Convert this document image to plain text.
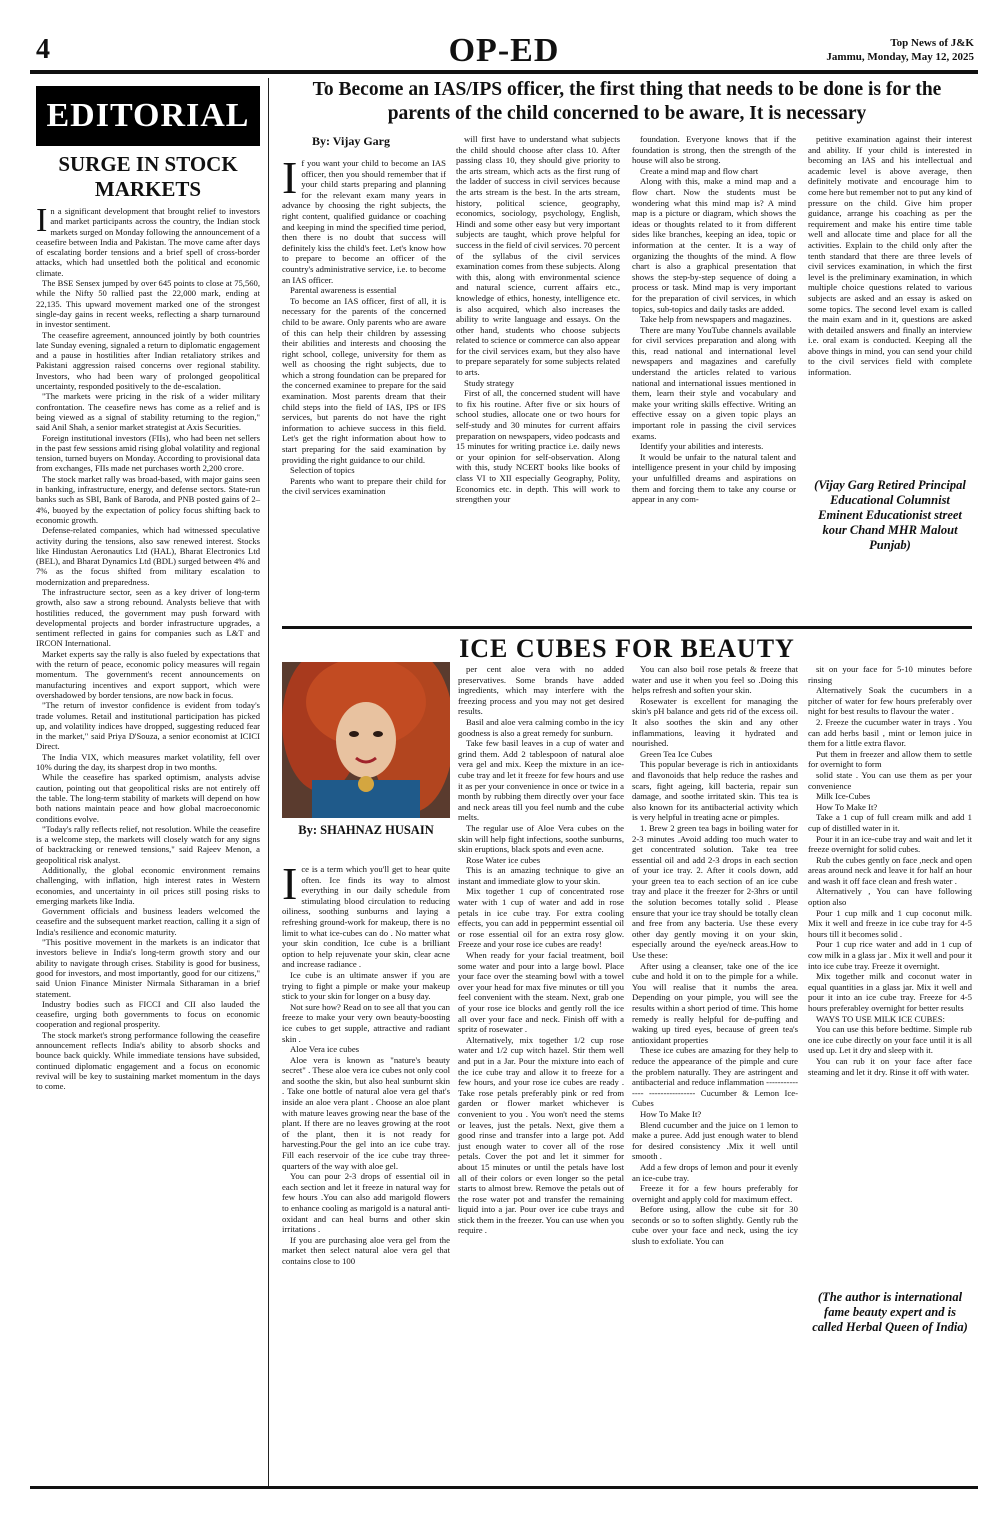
4	OP-ED	Top News of J&K
Jammu, Monday, May 12, 2025
EDITORIAL
SURGE IN STOCK MARKETS
I n a significant development that brought relief to investors and market participants across the country, the Indian stock markets surged on Monday following the announcement of a ceasefire between India and Pakistan. The move came after days of escalating border tensions and a brief spell of cross-border attacks, which had unsettled both the political and economic climate.

The BSE Sensex jumped by over 645 points to close at 75,560, while the Nifty 50 rallied past the 22,000 mark, ending at 22,135. This upward movement marked one of the strongest single-day gains in recent weeks, reflecting a sharp turnaround in investor sentiment.

The ceasefire agreement, announced jointly by both countries late Sunday evening, signaled a return to diplomatic engagement and a pause in hostilities after Indian retaliatory strikes and Pakistani aggression raised concerns over regional stability. Investors, who had been wary of prolonged geopolitical uncertainty, responded positively to the de-escalation.

"The markets were pricing in the risk of a wider military confrontation. The ceasefire news has come as a relief and is being viewed as a signal of stability returning to the region," said Anil Shah, a senior market strategist at Axis Securities.

Foreign institutional investors (FIIs), who had been net sellers in the past few sessions amid rising global volatility and regional tension, turned buyers on Monday. According to provisional data from exchanges, FIIs made net purchases worth 2,200 crore.

The stock market rally was broad-based, with major gains seen in banking, infrastructure, energy, and defense sectors. State-run banks such as SBI, Bank of Baroda, and PNB posted gains of 2–4%, buoyed by the expectation of policy focus shifting back to economic growth.

Defense-related companies, which had witnessed speculative activity during the tensions, also saw renewed interest. Stocks like Hindustan Aeronautics Ltd (HAL), Bharat Electronics Ltd (BEL), and Bharat Dynamics Ltd (BDL) surged between 4% and 7% as the focus shifted from military escalation to modernization and preparedness.

The infrastructure sector, seen as a key driver of long-term growth, also saw a strong rebound. Analysts believe that with hostilities reduced, the government may push forward with developmental projects and border infrastructure upgrades, a sentiment reflected in gains for companies such as L&T and IRCON International.

Market experts say the rally is also fueled by expectations that with the return of peace, economic policy measures will regain momentum. The government's recent announcements on manufacturing incentives and export support, which were overshadowed by border tensions, are now back in focus.

"The return of investor confidence is evident from today's trade volumes. Retail and institutional participation has picked up, and volatility indices have dropped, suggesting reduced fear in the market," said Priya D'Souza, a senior economist at ICICI Direct.

The India VIX, which measures market volatility, fell over 10% during the day, its sharpest drop in two months.

While the ceasefire has sparked optimism, analysts advise caution, pointing out that geopolitical risks are not entirely off the table. The long-term stability of markets will depend on how both nations maintain peace and how global macroeconomic conditions evolve.

"Today's rally reflects relief, not resolution. While the ceasefire is a welcome step, the markets will closely watch for any signs of backtracking or renewed tensions," said Rajeev Menon, a geopolitical risk analyst.

Additionally, the global economic environment remains challenging, with inflation, high interest rates in Western economies, and uncertainty in oil prices still posing risks to emerging markets like India.

Government officials and business leaders welcomed the ceasefire and the subsequent market reaction, calling it a sign of India's resilience and economic maturity.

"This positive movement in the markets is an indicator that investors believe in India's long-term growth story and our ability to navigate through crises. Stability is good for business, good for investors, and most importantly, good for our citizens," said Union Finance Minister Nirmala Sitharaman in a brief statement.

Industry bodies such as FICCI and CII also lauded the ceasefire, urging both governments to focus on economic cooperation and regional prosperity.

The stock market's strong performance following the ceasefire announcement reflects India's ability to absorb shocks and bounce back quickly. While immediate tensions have subsided, continued diplomatic engagement and a focus on economic revival will be key to sustaining market momentum in the days to come.

To Become an IAS/IPS officer, the first thing that needs to be done is for the parents of the child concerned to be aware, It is necessary
By: Vijay Garg
I f you want your child to become an IAS officer, then you should remember that if your child starts preparing and planning for the relevant exam many years in advance by choosing the right subjects, the right content, qualified guidance or coaching and keeping in mind the specified time period, then there is no doubt that success will definitely kiss the child's feet. Let's know how to prepare to become an officer of the country's administrative service, i.e. to become an IAS officer.

Parental awareness is essential

To become an IAS officer, first of all, it is necessary for the parents of the concerned child to be aware. Only parents who are aware of this can help their children by assessing their abilities and interests and choosing the right school, college, university for them as well as choosing the right subjects, due to which a strong foundation can be prepared for the concerned examinee to prepare for the said examination. Most parents dream that their child steps into the field of IAS, IPS or IFS services, but parents do not have the right information to achieve success in this field. Let's get the right information about how to start preparing for the said examination by providing the right guidance to our child.

Selection of topics

Parents who want to prepare their child for the civil services examination

will first have to understand what subjects the child should choose after class 10. After passing class 10, they should give priority to the arts stream, which acts as the first rung of the ladder of success in civil services because the arts stream is the best. In the arts stream, history, political science, geography, economics, sociology, psychology, English, Hindi and some other easy but very important subjects are taught, which prove helpful for success in the field of civil services. 70 percent of the syllabus of the civil services examination comes from these subjects. Along with this, along with environmental science and natural science, current affairs etc., knowledge of ethics, honesty, intelligence etc. is also acquired, which also increases the ability to write language and essays. On the other hand, students who choose subjects related to science or commerce can also appear for the civil services exam, but they also have to prepare separately for some subjects related to arts.

Study strategy

First of all, the concerned student will have to fix his routine. After five or six hours of school studies, allocate one or two hours for self-study and 30 minutes for current affairs preparation on newspapers, video podcasts and 15 minutes for writing practice i.e. daily news or your opinion for self-observation. Along with this, study NCERT books like books of class VI to XII especially Geography, Polity, Economics etc. in depth. This will work to strengthen your

foundation. Everyone knows that if the foundation is strong, then the strength of the house will also be strong.

Create a mind map and flow chart

Along with this, make a mind map and a flow chart. Now the students must be wondering what this mind map is? A mind map is a picture or diagram, which shows the ideas or thoughts related to it from different sides like branches, keeping an idea, topic or information at the center. It is a way of organizing the thoughts of the mind. A flow chart is also a graphical presentation that shows the step-by-step sequence of doing a process or task. Mind map is very important for the preparation of civil services, in which topics, sub-topics and daily tasks are added.

Take help from newspapers and magazines.

There are many YouTube channels available for civil services preparation and along with this, read national and international level newspapers and magazines and carefully understand the articles related to various national and international issues mentioned in them, learn their style and vocabulary and make your writing skills effective. Writing an effective essay on a given topic plays an important role in passing the civil services exams.

Identify your abilities and interests.

It would be unfair to the natural talent and intelligence present in your child by imposing your unfulfilled dreams and aspirations on them and forcing them to take any course or appear in any com-

petitive examination against their interest and ability. If your child is interested in becoming an IAS and his intellectual and academic level is above average, then definitely motivate and encourage him to come here but remember not to put any kind of pressure on the child. Give him proper guidance, arrange his coaching as per the requirement and make his entire time table well and allocate time and place for all the activities. Explain to the child only after the tenth standard that there are three levels of civil services examination, in which the first level is the preliminary examination, in which multiple choice questions related to various subjects are asked and an essay is asked on some topics. The second level exam is called the main exam and in it, questions are asked with detailed answers and finally an interview i.e. oral exam is conducted. Keeping all the above things in mind, you can send your child to the civil services field with complete information.

(Vijay Garg Retired Principal Educational Columnist Eminent Educationist street kour Chand MHR Malout Punjab)
ICE CUBES FOR BEAUTY
By: SHAHNAZ HUSAIN
I ce is a term which you'll get to hear quite often. Ice finds its way to almost everything in our daily schedule from stimulating blood circulation to reducing oiliness, soothing sunburns and laying a refreshing ground-work for makeup, there is no limit to what ice-cubes can do . No matter what your skin condition, Ice cube is a brilliant option to help rejuvenate your skin, clear acne and increase radiance .

Ice cube is an ultimate answer if you are trying to fight a pimple or make your makeup stick to your skin for longer on a busy day.

Not sure how? Read on to see all that you can freeze to make your very own beauty-boosting ice cubes to get supple, attractive and radiant skin .

Aloe Vera ice cubes

Aloe vera is known as "nature's beauty secret" . These aloe vera ice cubes not only cool and soothe the skin, but also heal sunburnt skin . Take one bottle of natural aloe vera gel that's inside an aloe vera plant . Choose an aloe plant with mature leaves growing near the base of the plant. If there are no leaves growing at the root of the plant, then it is not ready for harvesting.Pour the gel into an ice cube tray. Fill each reservoir of the ice cube tray three-quarters of the way with aloe gel.

You can pour 2-3 drops of essential oil in each section and let it freeze in natural way for few hours .You can also add marigold flowers to enhance cooling as marigold is a natural anti-oxidant and can heal burns and other skin irritations .

If you are purchasing aloe vera gel from the market then select natural aloe vera gel that contains close to 100

per cent aloe vera with no added preservatives. Some brands have added ingredients, which may interfere with the freezing process and you may not get desired results.

Basil and aloe vera calming combo in the icy goodness is also a great remedy for sunburn.

Take few basil leaves in a cup of water and grind them. Add 2 tablespoon of natural aloe vera gel and mix. Keep the mixture in an ice-cube tray and let it freeze for few hours and use it as per your convenience in once or twice in a month by rubbing them directly over your face and neck areas till you feel numb and the cube melts.

The regular use of Aloe Vera cubes on the skin will help fight infections, soothe sunburns, skin eruptions, black spots and even acne.

Rose Water ice cubes

This is an amazing technique to give an instant and immediate glow to your skin.

Mix together 1 cup of concentrated rose water with 1 cup of water and add in rose petals in ice cube tray. For extra cooling effects, you can add in peppermint essential oil or rose essential oil for an extra rosy glow. Freeze and your rose ice cubes are ready!

When ready for your facial treatment, boil some water and pour into a large bowl. Place your face over the steaming bowl with a towel over your head for max five minutes or till you feel convenient with the steam. Next, grab one of your rose ice blocks and gently roll the ice all over your face and neck. Finish off with a spritz of rosewater .

Alternatively, mix together 1/2 cup rose water and 1/2 cup witch hazel. Stir them well and put in a Jar. Pour the mixture into each of the ice cube tray and allow it to freeze for a few hours, and your rose ice cubes are ready . Take rose petals preferably pink or red from garden or flower market whichever is convenient to you . You won't need the stems or leaves, just the petals. Next, give them a good rinse and transfer into a large pot. Add just enough water to cover all of the rose petals. Cover the pot and let it simmer for about 15 minutes or until the petals have lost all of their colors or even longer so the petal starts to almost brew. Remove the petals out of the rose water pot and transfer the remaining liquid into a jar. Pour over ice cube trays and stick them in the freezer. You can use when you require .

You can also boil rose petals & freeze that water and use it when you feel so .Doing this helps refresh and soften your skin.

Rosewater is excellent for managing the skin's pH balance and gets rid of the excess oil. It also soothes the skin and any other inflammations, leaving it hydrated and nourished.

Green Tea Ice Cubes

This popular beverage is rich in antioxidants and flavonoids that help reduce the rashes and scars, fight ageing, kill bacteria, repair sun damage, and soothe irritated skin. This tea is also known for its antibacterial activity which is very helpful in treating acne or pimples.

1. Brew 2 green tea bags in boiling water for 2-3 minutes .Avoid adding too much water to get concentrated solution. Take tea tree essential oil and add 2-3 drops in each section of your ice tray. 2. After it cools down, add your green tea to each section of an ice cube tray and place it the freezer for 2-3hrs or until the solution becomes totally solid . Please ensure that your ice tray should be totally clean and free from any bacteria. Use these every other day gently moving it on your skin, especially around the eye/neck areas.How to Use these:

After using a cleanser, take one of the ice cube and hold it on to the pimple for a while. You will realise that it numbs the area. Depending on your pimple, you will see the results within a short period of time. This home remedy is really helpful for de-puffing and waking up tired eyes, because of green tea's antioxidant properties

These ice cubes are amazing for they help to reduce the appearance of the pimple and cure the problem naturally. They are astringent and antibacterial and reduce inflammation --------------- ---------------- Cucumber & Lemon Ice-Cubes

How To Make It?

Blend cucumber and the juice on 1 lemon to make a puree. Add just enough water to blend for desired consistency .Mix it well until smooth .

Add a few drops of lemon and pour it evenly an ice-cube tray.

Freeze it for a few hours preferably for overnight and apply cold for maximum effect.

Before using, allow the cube sit for 30 seconds or so to soften slightly. Gently rub the cube over your face and neck, using the icy slush to exfoliate. You can

sit on your face for 5-10 minutes before rinsing

Alternatively Soak the cucumbers in a pitcher of water for few hours preferably over night for best results to flavour the water .

2. Freeze the cucumber water in trays . You can add herbs basil , mint or lemon juice in them for a little extra flavor.

Put them in freezer and allow them to settle for overnight to form

solid state . You can use them as per your convenience

Milk Ice-Cubes

How To Make It?

Take a 1 cup of full cream milk and add 1 cup of distilled water in it.

Pour it in an ice-cube tray and wait and let it freeze overnight for solid cubes.

Rub the cubes gently on face ,neck and open areas around neck and leave it for half an hour and wash it off face clean and fresh water .

Alternatively , You can have following option also

Pour 1 cup milk and 1 cup coconut milk. Mix it well and freeze in ice cube tray for 4-5 hours till it becomes solid .

Pour 1 cup rice water and add in 1 cup of cow milk in a glass jar . Mix it well and pour it into ice cube tray. Freeze it overnight.

Mix together milk and coconut water in equal quantities in a glass jar. Mix it well and pour it into an ice cube tray. Freeze for 4-5 hours preferabley overnight for better results

WAYS TO USE MILK ICE CUBES:

You can use this before bedtime. Simple rub one ice cube directly on your face until it is all used up. Let it dry and sleep with it.

You can rub it on your face after face steaming and let it dry. Rinse it off with water.

(The author is international fame beauty expert and is called Herbal Queen of India)
